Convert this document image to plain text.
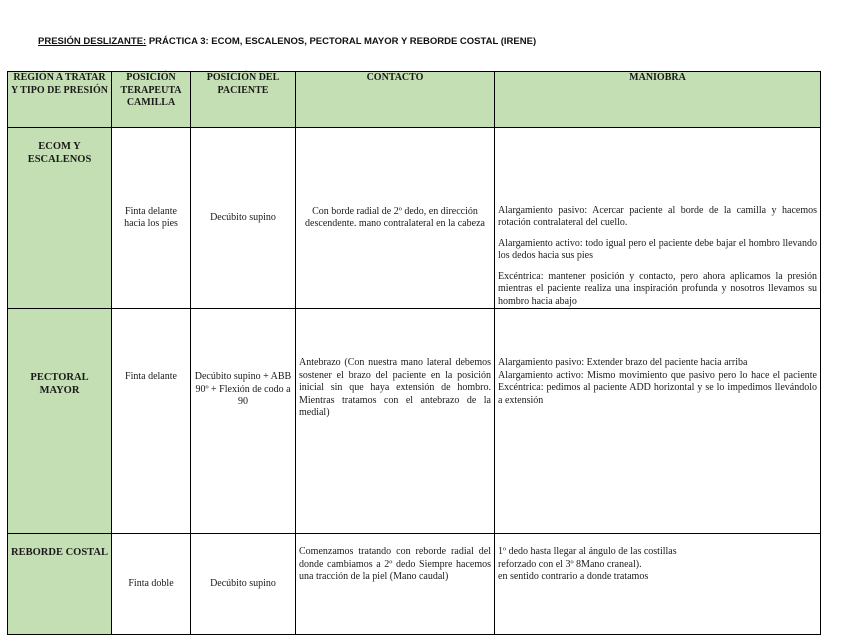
PRESIÓN DESLIZANTE: PRÁCTICA 3: ECOM, ESCALENOS, PECTORAL MAYOR Y REBORDE COSTAL (IRENE)
REGIÓN A TRATAR Y TIPO DE PRESIÓN	POSICIÓN TERAPEUTA CAMILLA	POSICIÓN DEL PACIENTE	CONTACTO	MANIOBRA
ECOM Y ESCALENOS	Finta delante hacia los pies	Decúbito supino	Con borde radial de 2º dedo, en dirección descendente. mano contralateral en la cabeza	Alargamiento pasivo: Acercar paciente al borde de la camilla y hacemos rotación contralateral del cuello.

Alargamiento activo: todo igual pero el paciente debe bajar el hombro llevando los dedos hacia sus pies

Excéntrica: mantener posición y contacto, pero ahora aplicamos la presión mientras el paciente realiza una inspiración profunda y nosotros llevamos su hombro hacia abajo

PECTORAL MAYOR	Finta delante	Decúbito supino + ABB 90º + Flexión de codo a 90	Antebrazo (Con nuestra mano lateral debemos sostener el brazo del paciente en la posición inicial sin que haya extensión de hombro. Mientras tratamos con el antebrazo de la medial)	Alargamiento pasivo: Extender brazo del paciente hacia arriba
Alargamiento activo: Mismo movimiento que pasivo pero lo hace el paciente Excéntrica: pedimos al paciente ADD horizontal y se lo impedimos llevándolo a extensión

REBORDE COSTAL	Finta doble	Decúbito supino	Comenzamos tratando con reborde radial del donde cambiamos a 2º dedo Siempre hacemos una tracción de la piel (Mano caudal)	1º dedo hasta llegar al ángulo de las costillas
reforzado con el 3º 8Mano craneal).
en sentido contrario a donde tratamos
